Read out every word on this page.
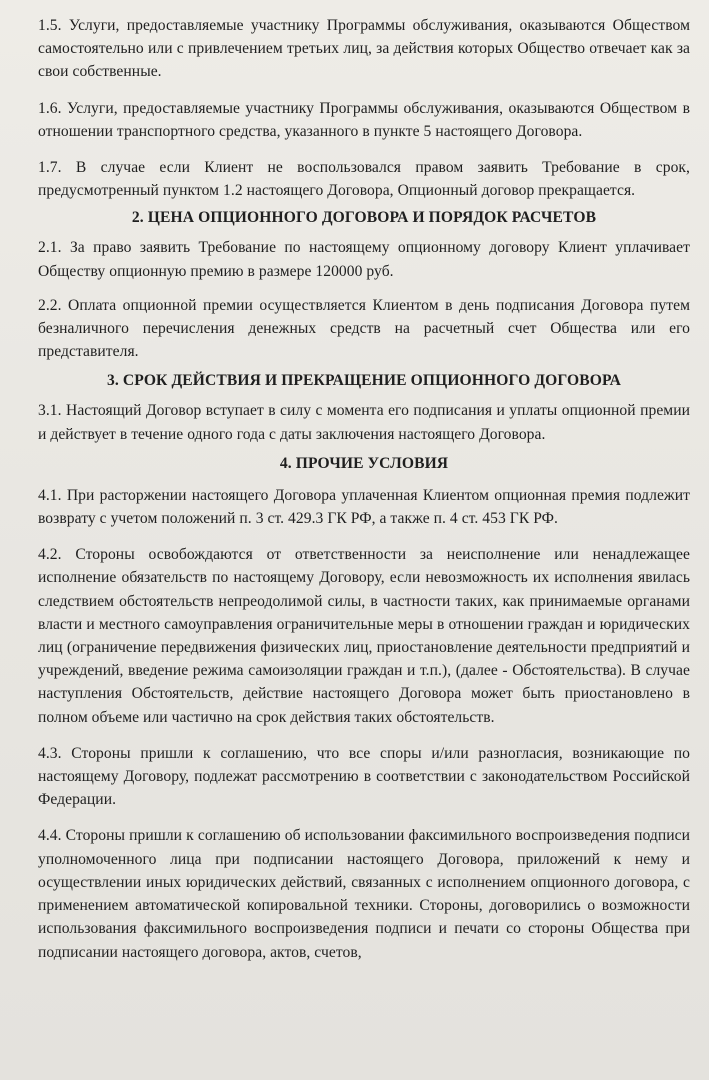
1.5. Услуги, предоставляемые участнику Программы обслуживания, оказываются Обществом самостоятельно или с привлечением третьих лиц, за действия которых Общество отвечает как за свои собственные.

1.6. Услуги, предоставляемые участнику Программы обслуживания, оказываются Обществом в отношении транспортного средства, указанного в пункте 5 настоящего Договора.

1.7. В случае если Клиент не воспользовался правом заявить Требование в срок, предусмотренный пунктом 1.2 настоящего Договора, Опционный договор прекращается.

2. ЦЕНА ОПЦИОННОГО ДОГОВОРА И ПОРЯДОК РАСЧЕТОВ

2.1. За право заявить Требование по настоящему опционному договору Клиент уплачивает Обществу опционную премию в размере 120000 руб.

2.2. Оплата опционной премии осуществляется Клиентом в день подписания Договора путем безналичного перечисления денежных средств на расчетный счет Общества или его представителя.

3. СРОК ДЕЙСТВИЯ И ПРЕКРАЩЕНИЕ ОПЦИОННОГО ДОГОВОРА

3.1. Настоящий Договор вступает в силу с момента его подписания и уплаты опционной премии и действует в течение одного года с даты заключения настоящего Договора.

4. ПРОЧИЕ УСЛОВИЯ

4.1. При расторжении настоящего Договора уплаченная Клиентом опционная премия подлежит возврату с учетом положений п. 3 ст. 429.3 ГК РФ, а также п. 4 ст. 453 ГК РФ.

4.2. Стороны освобождаются от ответственности за неисполнение или ненадлежащее исполнение обязательств по настоящему Договору, если невозможность их исполнения явилась следствием обстоятельств непреодолимой силы, в частности таких, как принимаемые органами власти и местного самоуправления ограничительные меры в отношении граждан и юридических лиц (ограничение передвижения физических лиц, приостановление деятельности предприятий и учреждений, введение режима самоизоляции граждан и т.п.), (далее - Обстоятельства). В случае наступления Обстоятельств, действие настоящего Договора может быть приостановлено в полном объеме или частично на срок действия таких обстоятельств.

4.3. Стороны пришли к соглашению, что все споры и/или разногласия, возникающие по настоящему Договору, подлежат рассмотрению в соответствии с законодательством Российской Федерации.

4.4. Стороны пришли к соглашению об использовании факсимильного воспроизведения подписи уполномоченного лица при подписании настоящего Договора, приложений к нему и осуществлении иных юридических действий, связанных с исполнением опционного договора, с применением автоматической копировальной техники. Стороны, договорились о возможности использования факсимильного воспроизведения подписи и печати со стороны Общества при подписании настоящего договора, актов, счетов,
